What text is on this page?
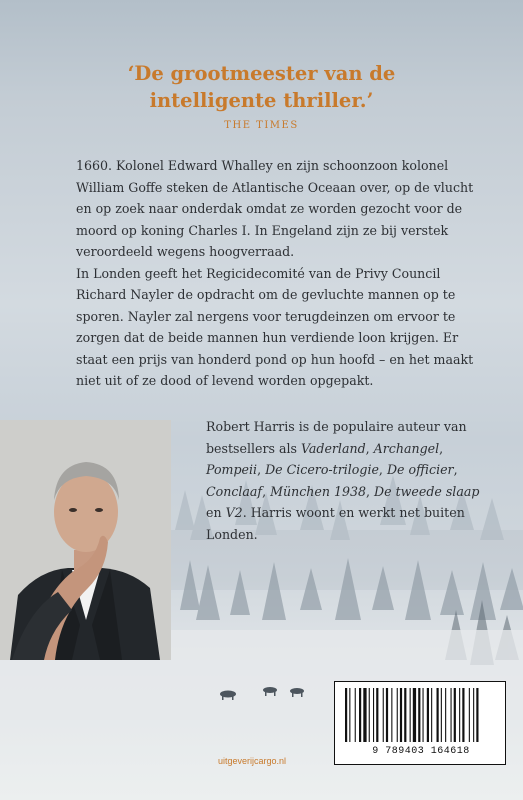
‘De grootmeester van de
intelligente thriller.’

THE TIMES

1660. Kolonel Edward Whalley en zijn schoonzoon kolonel William Goffe steken de Atlantische Oceaan over, op de vlucht en op zoek naar onderdak omdat ze worden gezocht voor de moord op koning Charles I. In Engeland zijn ze bij verstek veroordeeld wegens hoogverraad.

In Londen geeft het Regicidecomité van de Privy Council Richard Nayler de opdracht om de gevluchte mannen op te sporen. Nayler zal nergens voor terugdeinzen om ervoor te zorgen dat de beide mannen hun verdiende loon krijgen. Er staat een prijs van honderd pond op hun hoofd – en het maakt niet uit of ze dood of levend worden opgepakt.

Robert Harris is de populaire auteur van bestsellers als Vaderland, Archangel, Pompeii, De Cicero-trilogie, De officier, Conclaaf, München 1938, De tweede slaap en V2. Harris woont en werkt net buiten Londen.

9 789403 164618

uitgeverijcargo.nl
